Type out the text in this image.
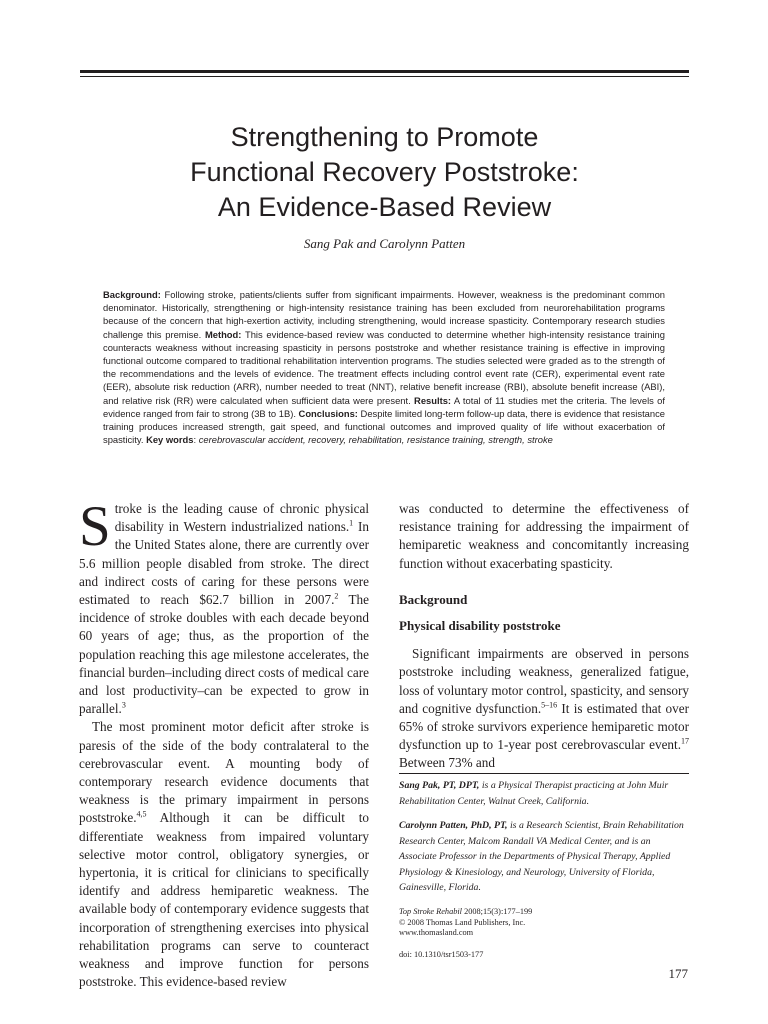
Strengthening to Promote
Functional Recovery Poststroke:
An Evidence-Based Review
Sang Pak and Carolynn Patten

Background: Following stroke, patients/clients suffer from significant impairments. However, weakness is the predominant common denominator. Historically, strengthening or high-intensity resistance training has been excluded from neurorehabilitation programs because of the concern that high-exertion activity, including strengthening, would increase spasticity. Contemporary research studies challenge this premise. Method: This evidence-based review was conducted to determine whether high-intensity resistance training counteracts weakness without increasing spasticity in persons poststroke and whether resistance training is effective in improving functional outcome compared to traditional rehabilitation intervention programs. The studies selected were graded as to the strength of the recommendations and the levels of evidence. The treatment effects including control event rate (CER), experimental event rate (EER), absolute risk reduction (ARR), number needed to treat (NNT), relative benefit increase (RBI), absolute benefit increase (ABI), and relative risk (RR) were calculated when sufficient data were present. Results: A total of 11 studies met the criteria. The levels of evidence ranged from fair to strong (3B to 1B). Conclusions: Despite limited long-term follow-up data, there is evidence that resistance training produces increased strength, gait speed, and functional outcomes and improved quality of life without exacerbation of spasticity. Key words: cerebrovascular accident, recovery, rehabilitation, resistance training, strength, stroke

Stroke is the leading cause of chronic physical disability in Western industrialized nations.$^1$ In the United States alone, there are currently over 5.6 million people disabled from stroke. The direct and indirect costs of caring for these persons were estimated to reach $62.7 billion in 2007.$^2$ The incidence of stroke doubles with each decade beyond 60 years of age; thus, as the proportion of the population reaching this age milestone accelerates, the financial burden–including direct costs of medical care and lost productivity–can be expected to grow in parallel.$^3$

The most prominent motor deficit after stroke is paresis of the side of the body contralateral to the cerebrovascular event. A mounting body of contemporary research evidence documents that weakness is the primary impairment in persons poststroke.$^{4,5}$ Although it can be difficult to differentiate weakness from impaired voluntary selective motor control, obligatory synergies, or hypertonia, it is critical for clinicians to specifically identify and address hemiparetic weakness. The available body of contemporary evidence suggests that incorporation of strengthening exercises into physical rehabilitation programs can serve to counteract weakness and improve function for persons poststroke. This evidence-based review

was conducted to determine the effectiveness of resistance training for addressing the impairment of hemiparetic weakness and concomitantly increasing function without exacerbating spasticity.

Background

Physical disability poststroke

Significant impairments are observed in persons poststroke including weakness, generalized fatigue, loss of voluntary motor control, spasticity, and sensory and cognitive dysfunction.$^{5-16}$ It is estimated that over 65% of stroke survivors experience hemiparetic motor dysfunction up to 1-year post cerebrovascular event.$^{17}$ Between 73% and

Sang Pak, PT, DPT, is a Physical Therapist practicing at John Muir Rehabilitation Center, Walnut Creek, California.

Carolynn Patten, PhD, PT, is a Research Scientist, Brain Rehabilitation Research Center, Malcom Randall VA Medical Center, and is an Associate Professor in the Departments of Physical Therapy, Applied Physiology & Kinesiology, and Neurology, University of Florida, Gainesville, Florida.

Top Stroke Rehabil 2008;15(3):177–199
© 2008 Thomas Land Publishers, Inc.
www.thomasland.com
doi: 10.1310/tsr1503-177
177
